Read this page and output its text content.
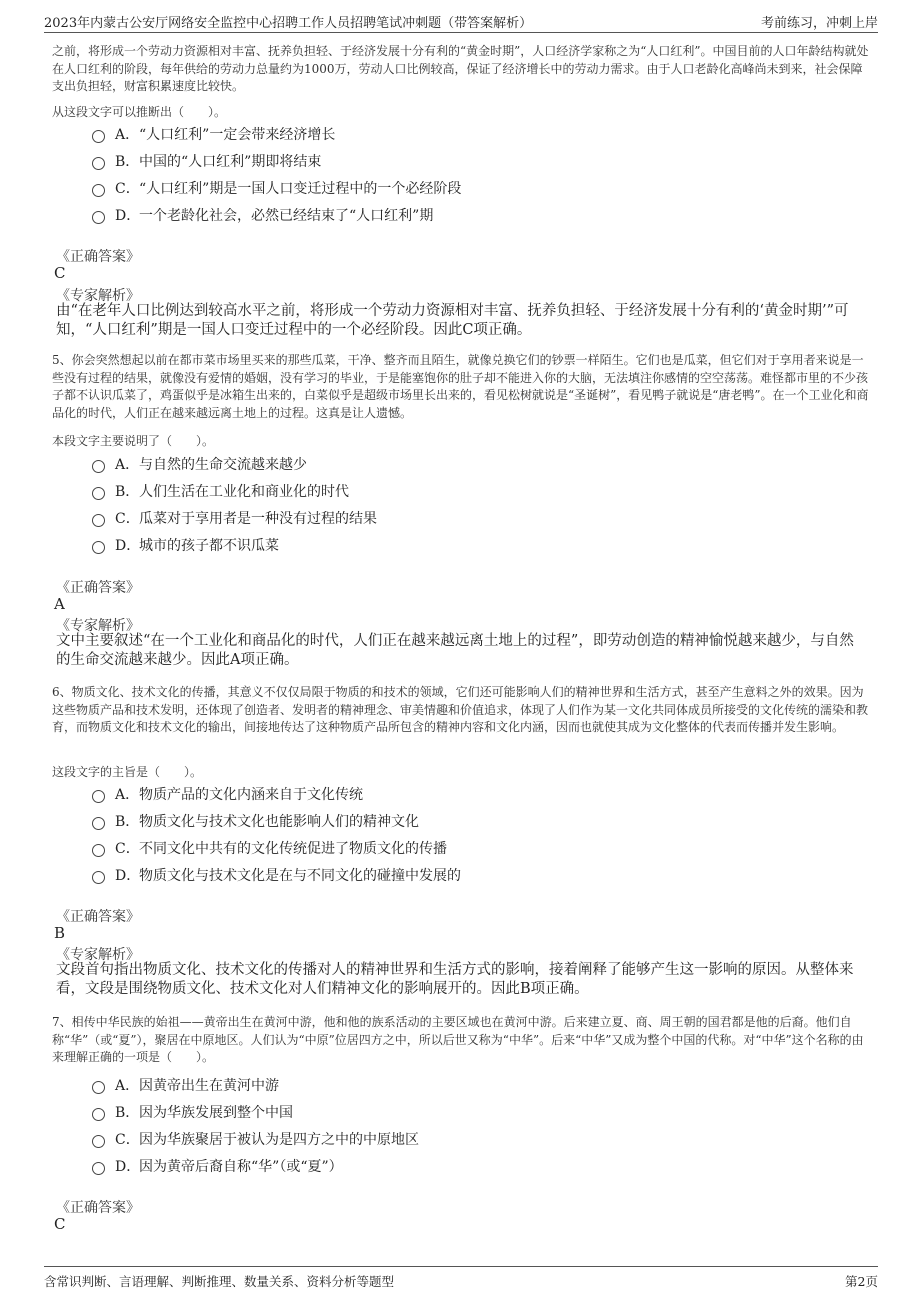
2023年内蒙古公安厅网络安全监控中心招聘工作人员招聘笔试冲刺题（带答案解析）	考前练习，冲刺上岸
之前，将形成一个劳动力资源相对丰富、抚养负担轻、于经济发展十分有利的“黄金时期”，人口经济学家称之为“人口红利”。中国目前的人口年龄结构就处在人口红利的阶段，每年供给的劳动力总量约为1000万，劳动人口比例较高，保证了经济增长中的劳动力需求。由于人口老龄化高峰尚未到来，社会保障支出负担轻，财富积累速度比较快。
从这段文字可以推断出（　　）。
A． “人口红利”一定会带来经济增长
B． 中国的“人口红利”期即将结束
C． “人口红利”期是一国人口变迁过程中的一个必经阶段
D．
一个老龄化社会，必然已经结束了“人口红利”期
《正确答案》
C
《专家解析》
由“在老年人口比例达到较高水平之前，将形成一个劳动力资源相对丰富、抚养负担轻、于经济发展十分有利的‘黄金时期’”可知，“人口红利”期是一国人口变迁过程中的一个必经阶段。因此C项正确。
5、你会突然想起以前在都市菜市场里买来的那些瓜菜，干净、整齐而且陌生，就像兑换它们的钞票一样陌生。它们也是瓜菜，但它们对于享用者来说是一些没有过程的结果，就像没有爱情的婚姻，没有学习的毕业，于是能塞饱你的肚子却不能进入你的大脑，无法填注你感情的空空荡荡。难怪都市里的不少孩子都不认识瓜菜了，鸡蛋似乎是冰箱生出来的，白菜似乎是超级市场里长出来的，看见松树就说是“圣诞树”，看见鸭子就说是“唐老鸭”。在一个工业化和商品化的时代，人们正在越来越远离土地上的过程。这真是让人遗憾。
本段文字主要说明了（　　）。
A． 与自然的生命交流越来越少
B． 人们生活在工业化和商业化的时代
C． 瓜菜对于享用者是一种没有过程的结果
D．
城市的孩子都不识瓜菜
《正确答案》
A
《专家解析》
文中主要叙述“在一个工业化和商品化的时代，人们正在越来越远离土地上的过程”，即劳动创造的精神愉悦越来越少，与自然的生命交流越来越少。因此A项正确。
6、物质文化、技术文化的传播，其意义不仅仅局限于物质的和技术的领域，它们还可能影响人们的精神世界和生活方式，甚至产生意料之外的效果。因为这些物质产品和技术发明，还体现了创造者、发明者的精神理念、审美情趣和价值追求，体现了人们作为某一文化共同体成员所接受的文化传统的濡染和教育，而物质文化和技术文化的输出，间接地传达了这种物质产品所包含的精神内容和文化内涵，因而也就使其成为文化整体的代表而传播并发生影响。
这段文字的主旨是（　　）。
A． 物质产品的文化内涵来自于文化传统
B． 物质文化与技术文化也能影响人们的精神文化
C． 不同文化中共有的文化传统促进了物质文化的传播
D．
物质文化与技术文化是在与不同文化的碰撞中发展的
《正确答案》
B
《专家解析》
文段首句指出物质文化、技术文化的传播对人的精神世界和生活方式的影响，接着阐释了能够产生这一影响的原因。从整体来看，文段是围绕物质文化、技术文化对人们精神文化的影响展开的。因此B项正确。
7、相传中华民族的始祖——黄帝出生在黄河中游，他和他的族系活动的主要区域也在黄河中游。后来建立夏、商、周王朝的国君都是他的后裔。他们自称“华”（或“夏”），聚居在中原地区。人们认为“中原”位居四方之中，所以后世又称为“中华”。后来“中华”又成为整个中国的代称。对“中华”这个名称的由来理解正确的一项是（　　）。
A． 因黄帝出生在黄河中游
B． 因为华族发展到整个中国
C． 因为华族聚居于被认为是四方之中的中原地区
D．
因为黄帝后裔自称“华”（或“夏”）
《正确答案》
C
含常识判断、言语理解、判断推理、数量关系、资料分析等题型	第2页
